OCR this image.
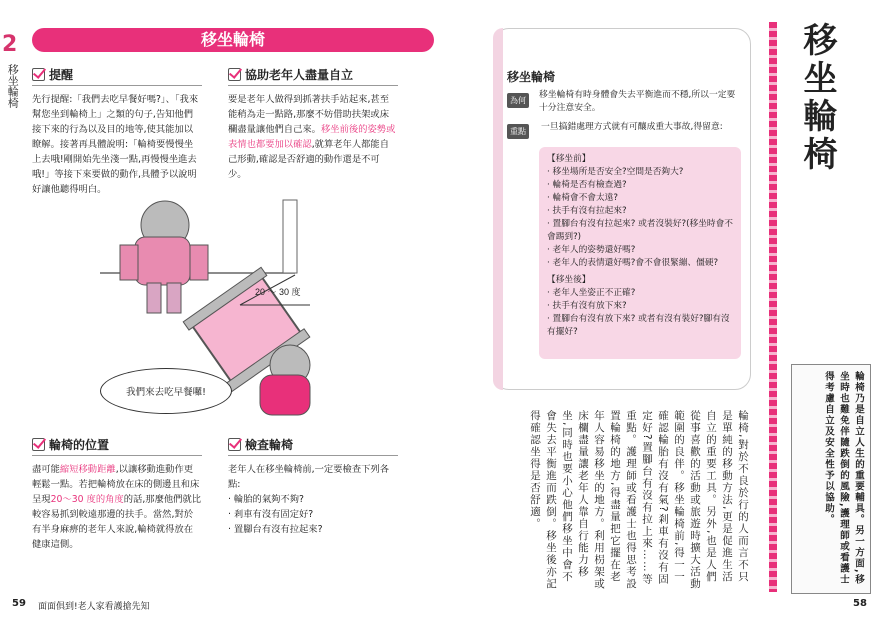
2
移坐輪椅
移坐輪椅
提醒
先行提醒:「我們去吃早餐好嗎?」、「我來幫您坐到輪椅上」之類的句子,告知他們接下來的行為以及目的地等,使其能加以瞭解。接著再具體說明:「輪椅要慢慢坐上去哦!剛開始先坐淺一點,再慢慢坐進去哦!」等接下來要做的動作,具體予以說明好讓他聽得明白。
協助老年人盡量自立
要是老年人做得到抓著扶手站起來,甚至能稍為走一點路,那麼不妨借助扶架或床欄盡量讓他們自己來。移坐前後的姿勢或表情也都要加以確認,就算老年人都能自己形動,確認是否舒適的動作還是不可少。
20 〜 30 度
我們來去吃早餐囉!
輪椅的位置
盡可能縮短移動距離,以讓移動進動作更輕鬆一點。若把輪椅放在床的側邊且和床呈現20〜30 度的角度的話,那麼他們就比較容易抓到較遠那邊的扶手。當然,對於有半身麻痹的老年人來說,輪椅就得放在健康這側。
檢查輪椅
老年人在移坐輪椅前,一定要檢查下列各點:
· 輪胎的氣夠不夠?
· 剎車有沒有固定好?
· 置腳台有沒有拉起來?
59 面面俱到!老人家看護搶先知
移坐輪椅
為何
移坐輪椅有時身體會失去平衡進而不穩,所以一定要十分注意安全。
重點	一旦搞錯處理方式就有可釀成重大事故,得留意:
【移坐前】
· 移坐場所是否安全?空間是否夠大?
· 輪椅是否有檢查過?
· 輪椅會不會太遠?
· 扶手有沒有拉起來?
· 置腳台有沒有拉起來? 或者沒裝好?(移坐時會不會踢到?)
· 老年人的姿勢還好嗎?
· 老年人的表情還好嗎?會不會很緊繃、僵硬?
【移坐後】
· 老年人坐姿正不正確?
· 扶手有沒有放下來?
· 置腳台有沒有放下來? 或者有沒有裝好?腳有沒有擺好?
移坐輪椅
輪椅,對於不良於行的人而言不只是單純的移動方法,更是促進生活自立的重要工具。另外,也是人們從事喜歡的活動或旅遊時擴大活動範圍的良伴。移坐輪椅前,得一一確認輪胎有沒有氣?剎車有沒有固定好?置腳台有沒有拉上來……等重點。護理師或看護士也得思考設置輪椅的地方,得盡量把它擺在老年人容易移坐的地方。利用枴架或床欄盡量讓老年人靠自行能力移坐,同時也要小心他們移坐中會不會失去平衡進而跌倒。移坐後亦記得確認坐得是否舒適。	輪椅乃是自立人生的重要輔具。另一方面,移坐時也難免伴隨跌倒的風險,護理師或看護士得考慮自立及安全性予以協助。
58
